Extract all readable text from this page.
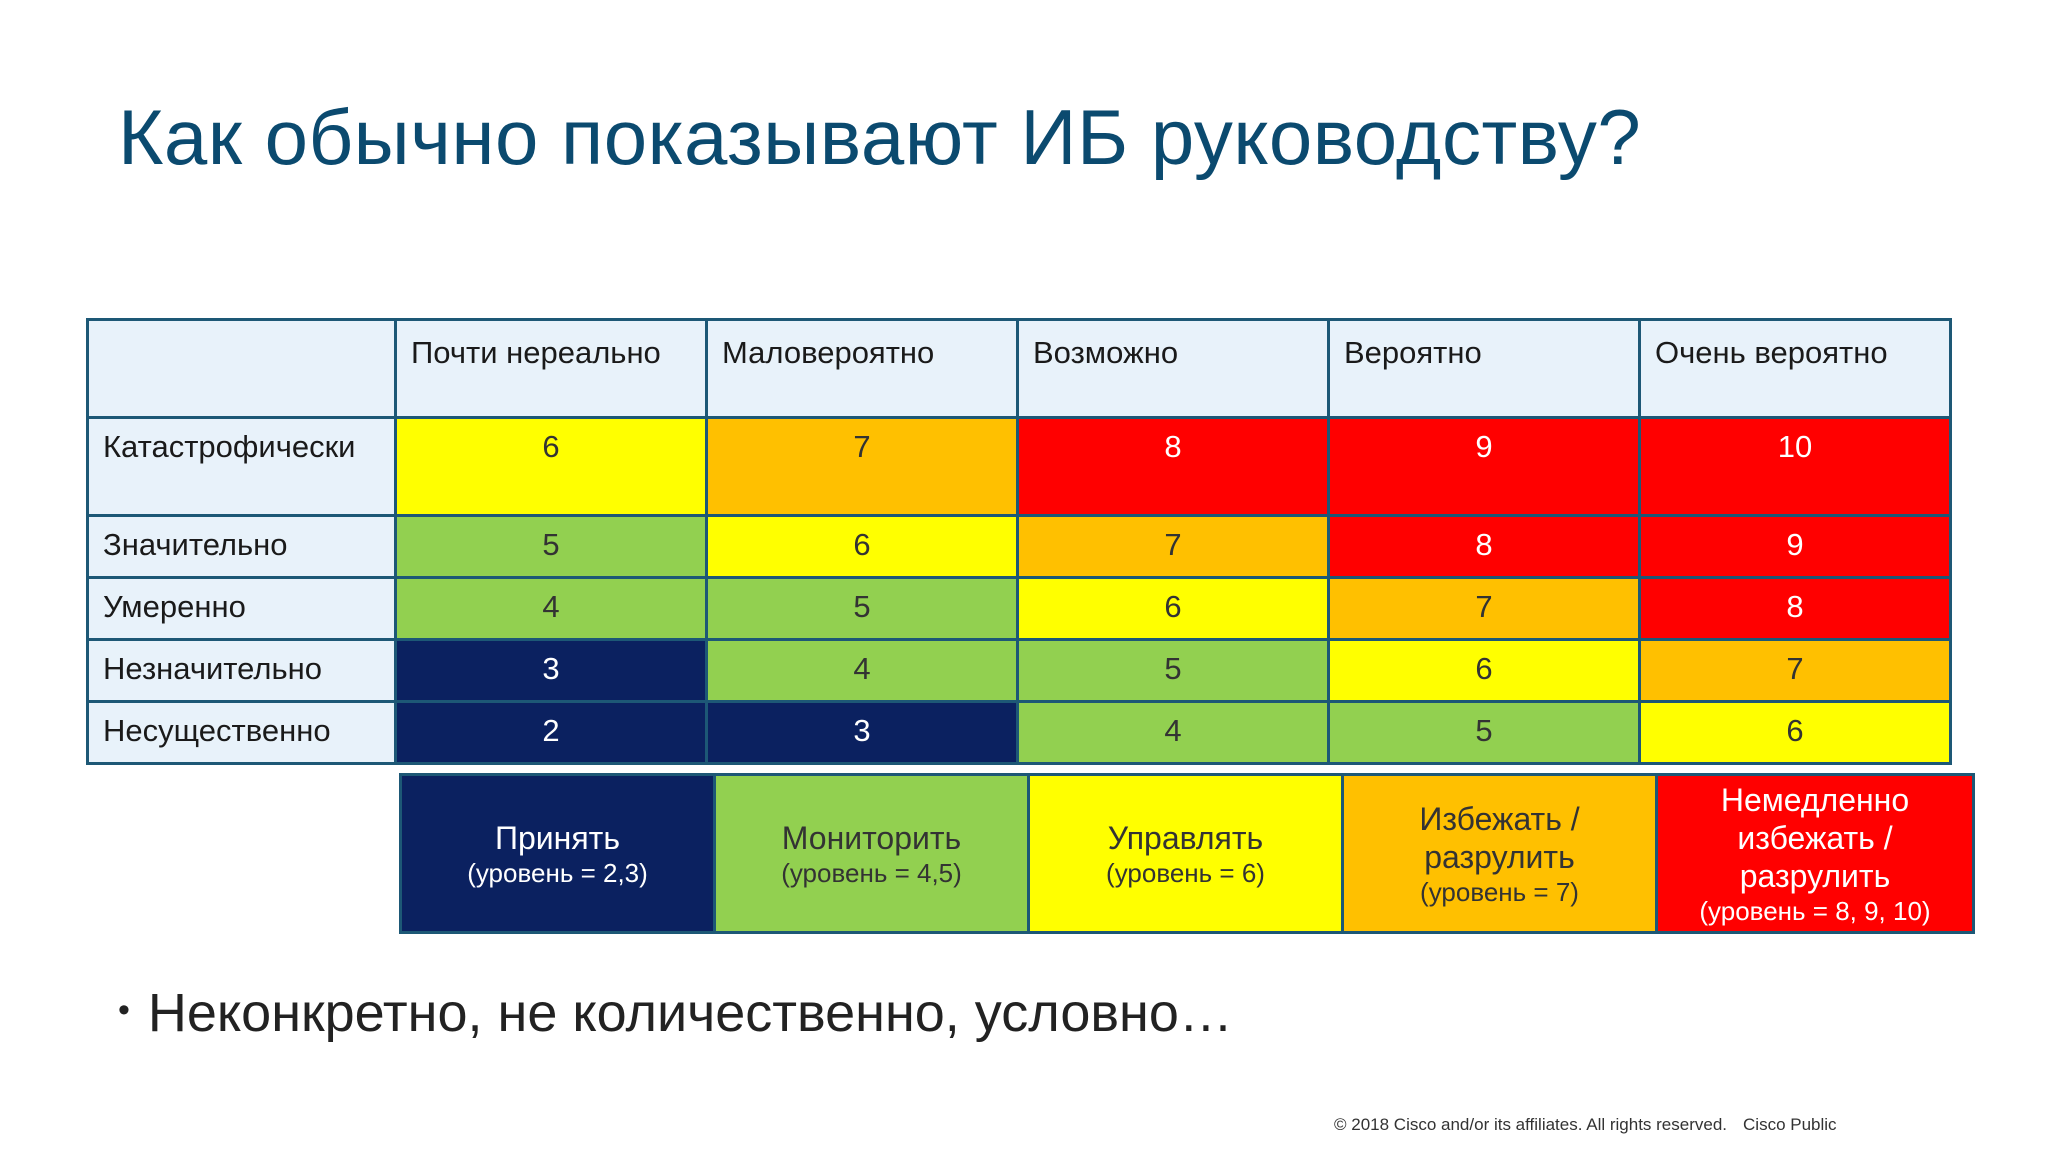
Как обычно показывают ИБ руководству?

	Почти нереально	Маловероятно	Возможно	Вероятно	Очень вероятно

Катастрофически	6	7	8	9	10

Значительно	5	6	7	8	9

Умеренно	4	5	6	7	8

Незначительно	3	4	5	6	7

Несущественно	2	3	4	5	6
Принять
(уровень = 2,3)
Мониторить
(уровень = 4,5)
Управлять
(уровень = 6)
Избежать / разрулить
(уровень = 7)
Немедленно избежать / разрулить
(уровень = 8, 9, 10)
• Неконкретно, не количественно, условно…
© 2018 Cisco and/or its affiliates. All rights reserved. Cisco Public
